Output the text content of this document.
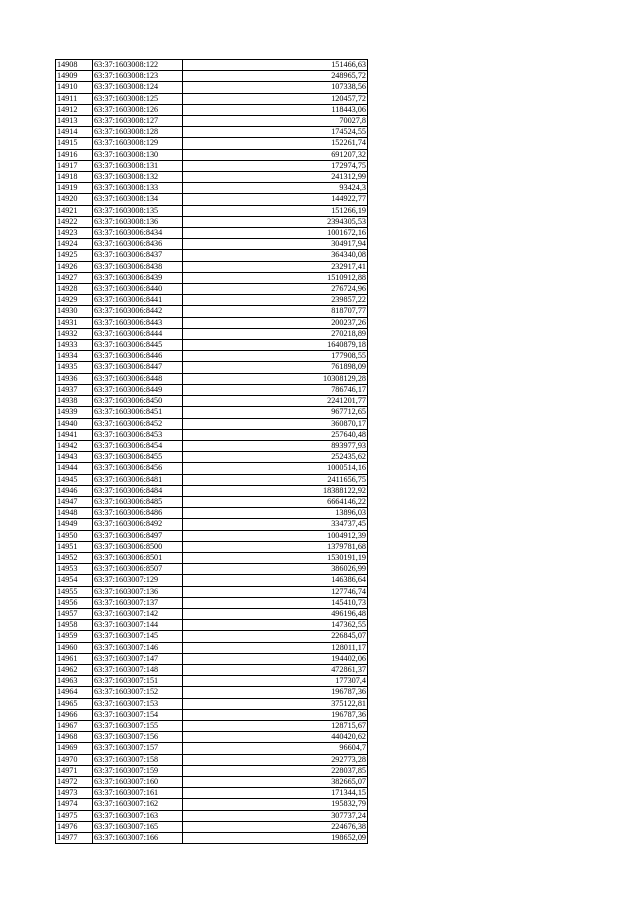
14908	63:37:1603008:122	151466,63
14909	63:37:1603008:123	248965,72
14910	63:37:1603008:124	107338,56
14911	63:37:1603008:125	120457,72
14912	63:37:1603008:126	118443,06
14913	63:37:1603008:127	70027,8
14914	63:37:1603008:128	174524,55
14915	63:37:1603008:129	152261,74
14916	63:37:1603008:130	691207,32
14917	63:37:1603008:131	172974,75
14918	63:37:1603008:132	241312,99
14919	63:37:1603008:133	93424,3
14920	63:37:1603008:134	144922,77
14921	63:37:1603008:135	151266,19
14922	63:37:1603008:136	2394305,53
14923	63:37:1603006:8434	1001672,16
14924	63:37:1603006:8436	304917,94
14925	63:37:1603006:8437	364340,08
14926	63:37:1603006:8438	232917,41
14927	63:37:1603006:8439	1510912,88
14928	63:37:1603006:8440	276724,96
14929	63:37:1603006:8441	239857,22
14930	63:37:1603006:8442	818707,77
14931	63:37:1603006:8443	200237,26
14932	63:37:1603006:8444	270218,89
14933	63:37:1603006:8445	1640879,18
14934	63:37:1603006:8446	177908,55
14935	63:37:1603006:8447	761898,09
14936	63:37:1603006:8448	10308129,28
14937	63:37:1603006:8449	786746,17
14938	63:37:1603006:8450	2241201,77
14939	63:37:1603006:8451	967712,65
14940	63:37:1603006:8452	360870,17
14941	63:37:1603006:8453	257640,48
14942	63:37:1603006:8454	893977,93
14943	63:37:1603006:8455	252435,62
14944	63:37:1603006:8456	1000514,16
14945	63:37:1603006:8481	2411656,75
14946	63:37:1603006:8484	18388122,92
14947	63:37:1603006:8485	6664146,22
14948	63:37:1603006:8486	13896,03
14949	63:37:1603006:8492	334737,45
14950	63:37:1603006:8497	1004912,39
14951	63:37:1603006:8500	1379781,68
14952	63:37:1603006:8501	1530191,19
14953	63:37:1603006:8507	386026,99
14954	63:37:1603007:129	146386,64
14955	63:37:1603007:136	127746,74
14956	63:37:1603007:137	145410,73
14957	63:37:1603007:142	496196,48
14958	63:37:1603007:144	147362,55
14959	63:37:1603007:145	226845,07
14960	63:37:1603007:146	128011,17
14961	63:37:1603007:147	194402,06
14962	63:37:1603007:148	472861,37
14963	63:37:1603007:151	177307,4
14964	63:37:1603007:152	196787,36
14965	63:37:1603007:153	375122,81
14966	63:37:1603007:154	196787,36
14967	63:37:1603007:155	128715,67
14968	63:37:1603007:156	440420,62
14969	63:37:1603007:157	96604,7
14970	63:37:1603007:158	292773,28
14971	63:37:1603007:159	228037,85
14972	63:37:1603007:160	382665,07
14973	63:37:1603007:161	171344,15
14974	63:37:1603007:162	195832,79
14975	63:37:1603007:163	307737,24
14976	63:37:1603007:165	224676,38
14977	63:37:1603007:166	198652,09
